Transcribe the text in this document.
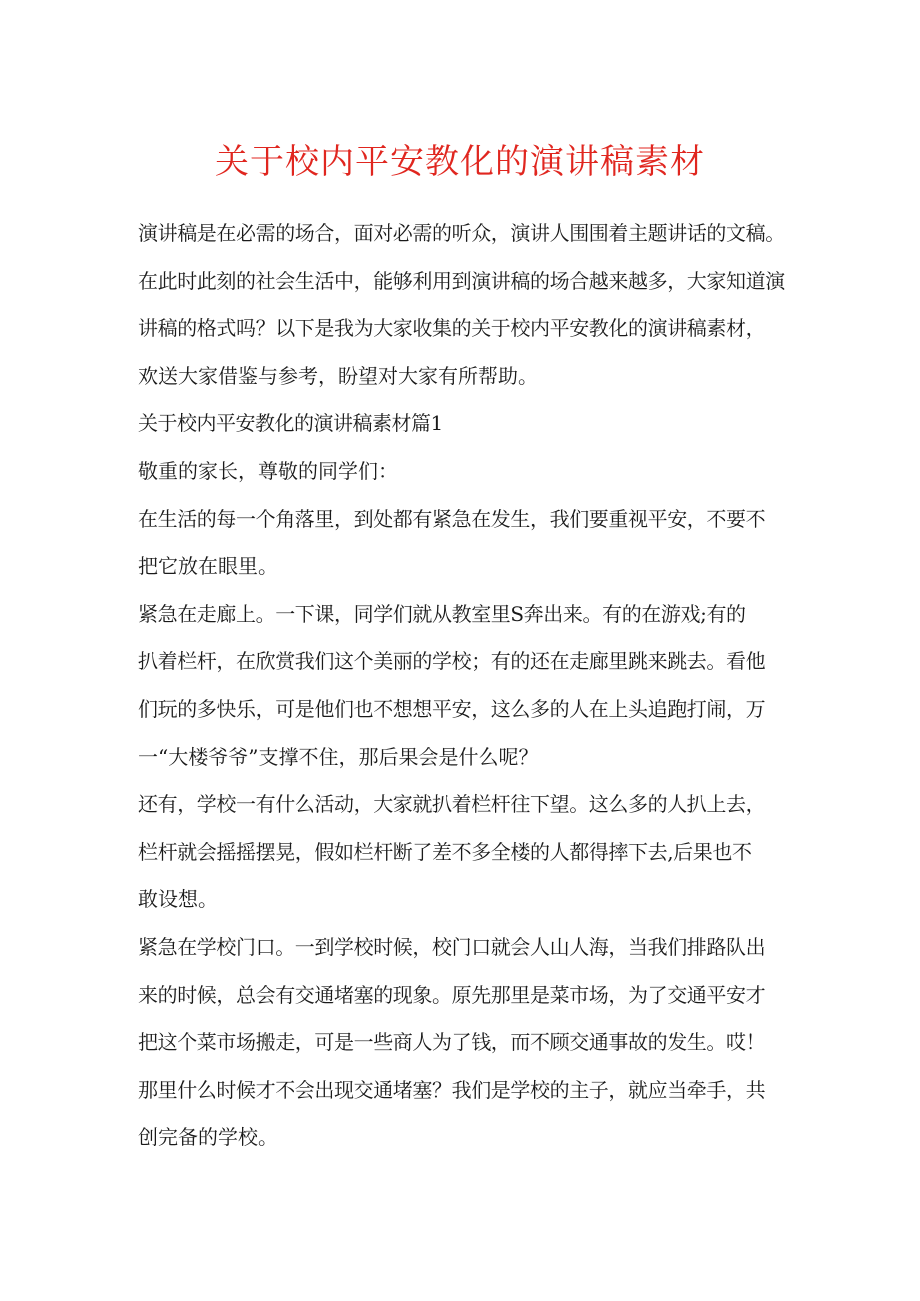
关于校内平安教化的演讲稿素材
演讲稿是在必需的场合，面对必需的听众，演讲人围围着主题讲话的文稿。
在此时此刻的社会生活中，能够利用到演讲稿的场合越来越多，大家知道演
讲稿的格式吗？以下是我为大家收集的关于校内平安教化的演讲稿素材，
欢送大家借鉴与参考，盼望对大家有所帮助。
关于校内平安教化的演讲稿素材篇1
敬重的家长，尊敬的同学们：
在生活的每一个角落里，到处都有紧急在发生，我们要重视平安，不要不
把它放在眼里。
紧急在走廊上。一下课，同学们就从教室里S奔出来。有的在游戏;有的
扒着栏杆，在欣赏我们这个美丽的学校；有的还在走廊里跳来跳去。看他
们玩的多快乐，可是他们也不想想平安，这么多的人在上头追跑打闹，万
一“大楼爷爷”支撑不住，那后果会是什么呢？
还有，学校一有什么活动，大家就扒着栏杆往下望。这么多的人扒上去，
栏杆就会摇摇摆晃，假如栏杆断了差不多全楼的人都得摔下去,后果也不
敢设想。
紧急在学校门口。一到学校时候，校门口就会人山人海，当我们排路队出
来的时候，总会有交通堵塞的现象。原先那里是菜市场，为了交通平安才
把这个菜市场搬走，可是一些商人为了钱，而不顾交通事故的发生。哎！
那里什么时候才不会出现交通堵塞？我们是学校的主子，就应当牵手，共
创完备的学校。
